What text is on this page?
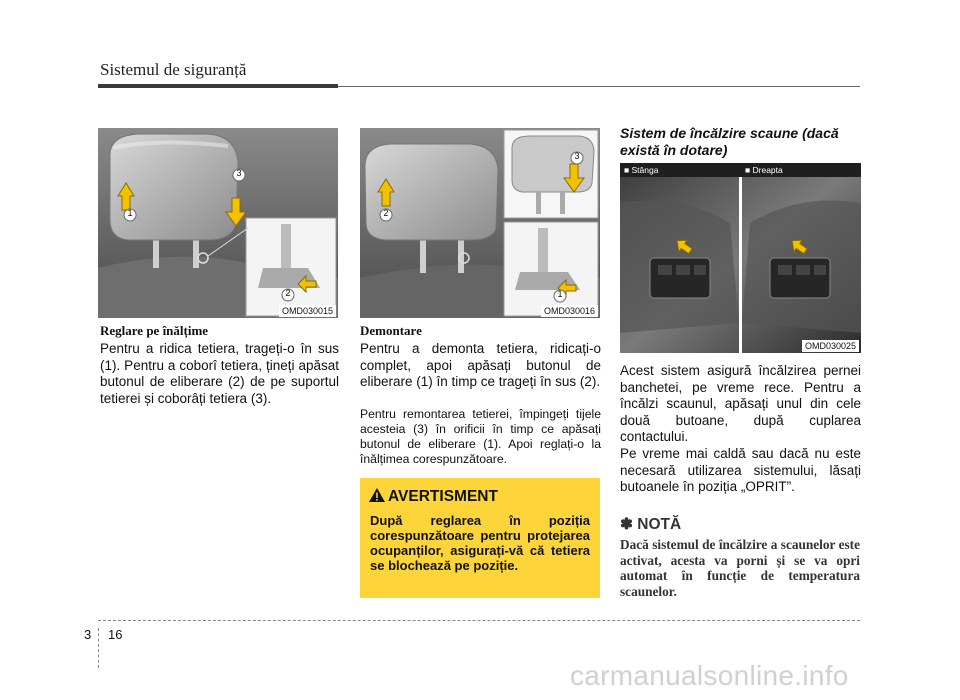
Sistemul de siguranță
1
3
2
OMD030015
2
3
1
OMD030016
■ Stânga	■ Dreapta
OMD030025
Reglare pe înălțime
Pentru a ridica tetiera, trageți-o în sus (1). Pentru a coborî tetiera, țineți apăsat butonul de eliberare (2) de pe suportul tetierei și coborâți tetiera (3).
Demontare
Pentru a demonta tetiera, ridicați-o complet, apoi apăsați butonul de eliberare (1) în timp ce trageți în sus (2).
Pentru remontarea tetierei, împingeți tijele acesteia (3) în orificii în timp ce apăsați butonul de eliberare (1). Apoi reglați-o la înălțimea corespunzătoare.
AVERTISMENT
După reglarea în poziția corespunzătoare pentru protejarea ocupanților, asigurați-vă că tetiera se blochează pe poziție.
Sistem de încălzire scaune (dacă există în dotare)
Acest sistem asigură încălzirea pernei banchetei, pe vreme rece. Pentru a încălzi scaunul, apăsați unul din cele două butoane, după cuplarea contactului.
Pe vreme mai caldă sau dacă nu este necesară utilizarea sistemului, lăsați butoanele în poziția „OPRIT”.
✽ NOTĂ
Dacă sistemul de încălzire a scaunelor este activat, acesta va porni și se va opri automat în funcție de temperatura scaunelor.
3 16
carmanualsonline.info
